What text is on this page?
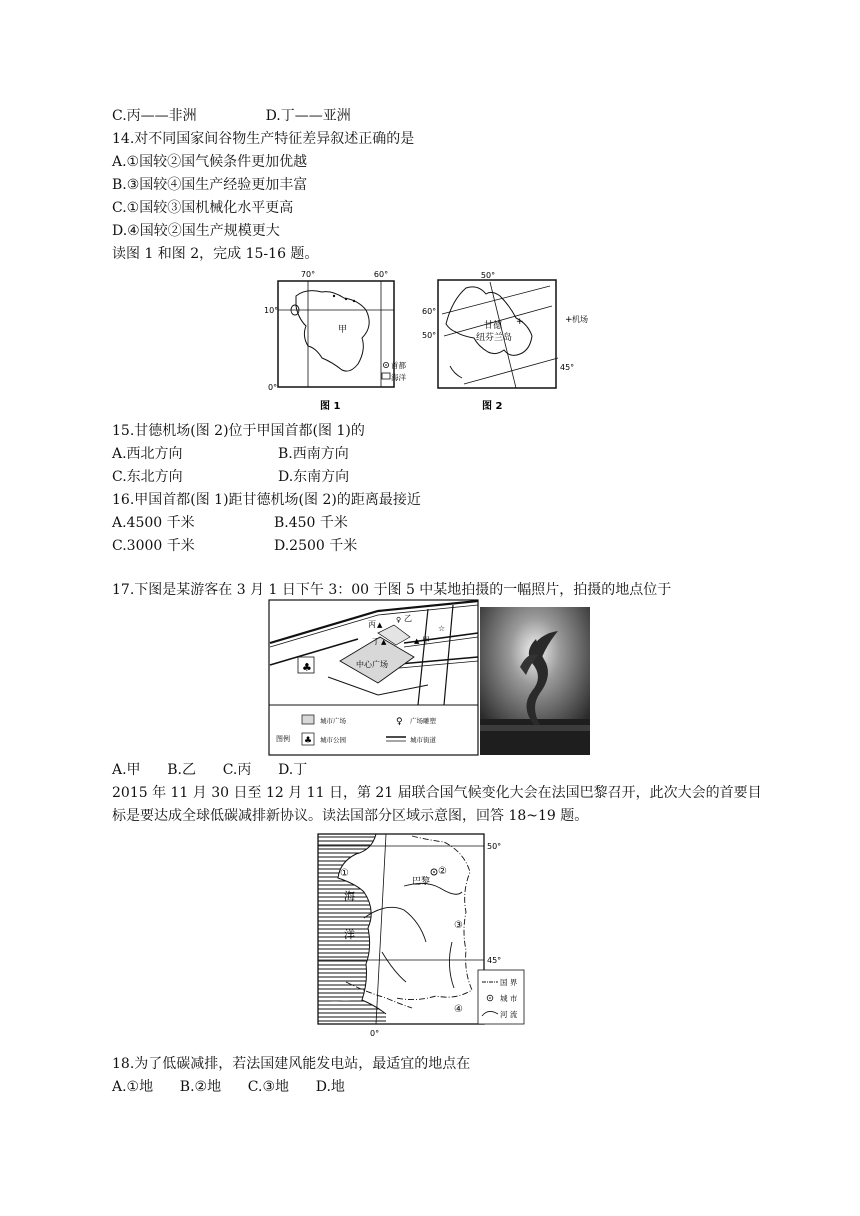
C.丙——非洲	D.丁——亚洲
14.对不同国家间谷物生产特征差异叙述正确的是
A.①国较②国气候条件更加优越
B.③国较④国生产经验更加丰富
C.①国较③国机械化水平更高
D.④国较②国生产规模更大
读图 1 和图 2，完成 15-16 题。
70°	60°
10°
0°
甲
首都
海洋
图 1
50°
60°
50°
45°
甘德
纽芬兰岛
+	+ 机场
图 2
15.甘德机场(图 2)位于甲国首都(图 1)的
A.西北方向	B.西南方向
C.东北方向	D.东南方向
16.甲国首都(图 1)距甘德机场(图 2)的距离最接近
A.4500 千米	B.450 千米
C.3000 千米	D.2500 千米
17.下图是某游客在 3 月 1 日下午 3：00 于图 5 中某地拍摄的一幅照片，拍摄的地点位于
中心广场
丙 ▲
♀ 乙
丁 ▲	▲ 甲
☆
♣
图例
城市广场	♀ 广场雕塑
♣ 城市公园	城市街道
A.甲      B.乙      C.丙      D.丁
2015 年 11 月 30 日至 12 月 11 日，第 21 届联合国气候变化大会在法国巴黎召开，此次大会的首要目
标是要达成全球低碳减排新协议。读法国部分区域示意图，回答 18~19 题。
①	②
巴黎
③
④
海
洋
50°
45°
0°
国 界
城 市
河 流
18.为了低碳减排，若法国建风能发电站，最适宜的地点在
A.①地      B.②地      C.③地      D.地
